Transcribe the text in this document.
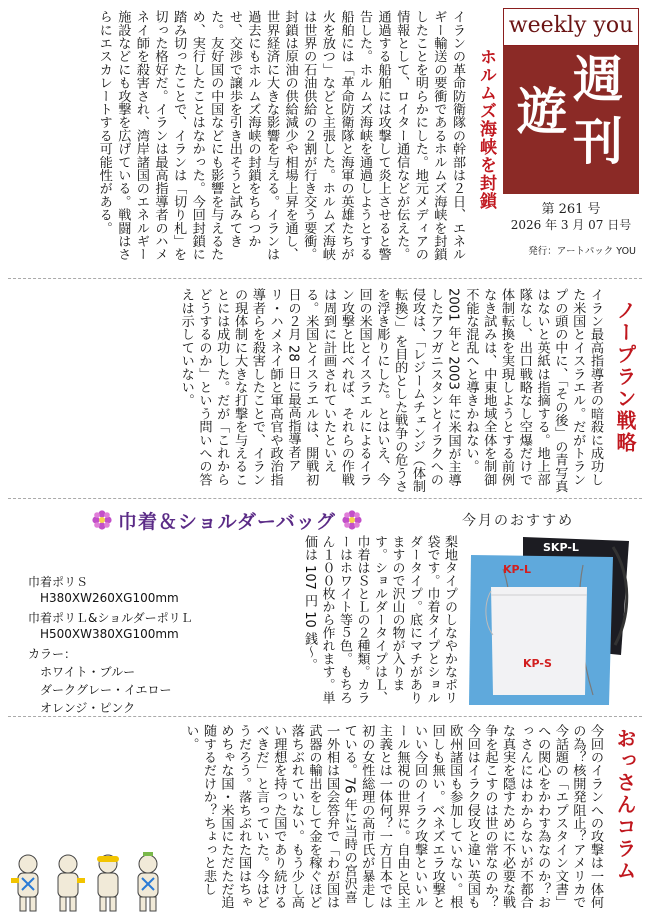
weekly you
週
刊
遊
第 261 号
2026 年 3 月 07 日号
発行：アートパック YOU
ホルムズ海峡を封鎖
イランの革命防衛隊の幹部は２日、エネルギー輸送の要衝であるホルムズ海峡を封鎖したことを明らかにした。地元メディアの情報として、ロイター通信などが伝えた。通過する船舶には攻撃して炎上させると警告した。ホルムズ海峡を通過しようとする船舶には「革命防衛隊と海軍の英雄たちが火を放つ」などと主張した。ホルムズ海峡は世界の石油供給の２割が行き交う要衝。封鎖は原油の供給減少や相場上昇を通し、世界経済に大きな影響を与える。イランは過去にもホルムズ海峡の封鎖をちらつかせ、交渉で譲歩を引き出そうと試みてきた。友好国の中国などにも影響を与えるため、実行したことはなかった。今回封鎖に踏み切ったことで、イランは「切り札」を切った格好だ。イランは最高指導者のハメネイ師を殺害され、湾岸諸国のエネルギー施設などにも攻撃を広げている。戦闘はさらにエスカレートする可能性がある。
ノープラン戦略
イラン最高指導者の暗殺に成功した米国とイスラエル。だがトランプの頭の中に、「その後」の青写真はないと英紙は指摘する。地上部隊なし、出口戦略なし空爆だけで体制転換を実現しようとする前例なき試みは、中東地域全体を制御不能な混乱へと導きかねない。2001 年と 2003 年に米国が主導したアフガニスタンとイラクへの侵攻は、「レジームチェンジ（体制転換）」を目的とした戦争の危うさを浮き彫りにした。とはいえ、今回の米国とイスラエルによるイラン攻撃と比べれば、それらの作戦は周到に計画されていたといえる。米国とイスラエルは、開戦初日の２月 28 日に最高指導者アリ・ハメネイ師と軍高官や政治指導者らを殺害したことで、イランの現体制に大きな打撃を与えることには成功した。だが「これからどうするのか」という問いへの答えは示していない。
巾着＆ショルダーバッグ	今月のおすすめ
巾着ポリＳ
H380XW260XG100mm
巾着ポリＬ&ショルダーポリＬ
H500XW380XG100mm
カラー：
ホワイト・ブルー
ダークグレー・イエロー
オレンジ・ピンク
梨地タイプのしなやかなポリ袋です。巾着タイプとショルダータイプ。底にマチがありますので沢山の物が入ります。ショルダータイプはＬ、巾着はＳとＬの２種類。カラーはホワイト等５色。もちろん１００枚から作れます。単価は 107 円 10 銭〜。	SKP-L
KP-L
KP-S
おっさんコラム
今回のイランへの攻撃は一体何の為？核開発阻止？アメリカで今話題の「エプスタイン文書」への関心をかわす為なのか？おっさんにはわからないが不都合な真実を隠すために不必要な戦争を起こすのは世の常なのか？今回はイラク侵攻と違い英国も欧州諸国も参加していない。根回しも無い。ベネズエラ攻撃といい今回のイラク攻撃といいルール無視の世界に。自由と民主主義とは一体何？一方日本では初の女性総理の高市氏が暴走している。76 年に当時の宮沢喜一外相は国会答弁で「わが国は武器の輸出をして金を稼ぐほど落ちぶれていない。もう少し高い理想を持った国であり続けるべきだ」と言っていた。今はどうだろう。落ちぶれた国はちゃめちゃな国・米国にただただ追随するだけか？ちょっと悲しい。
